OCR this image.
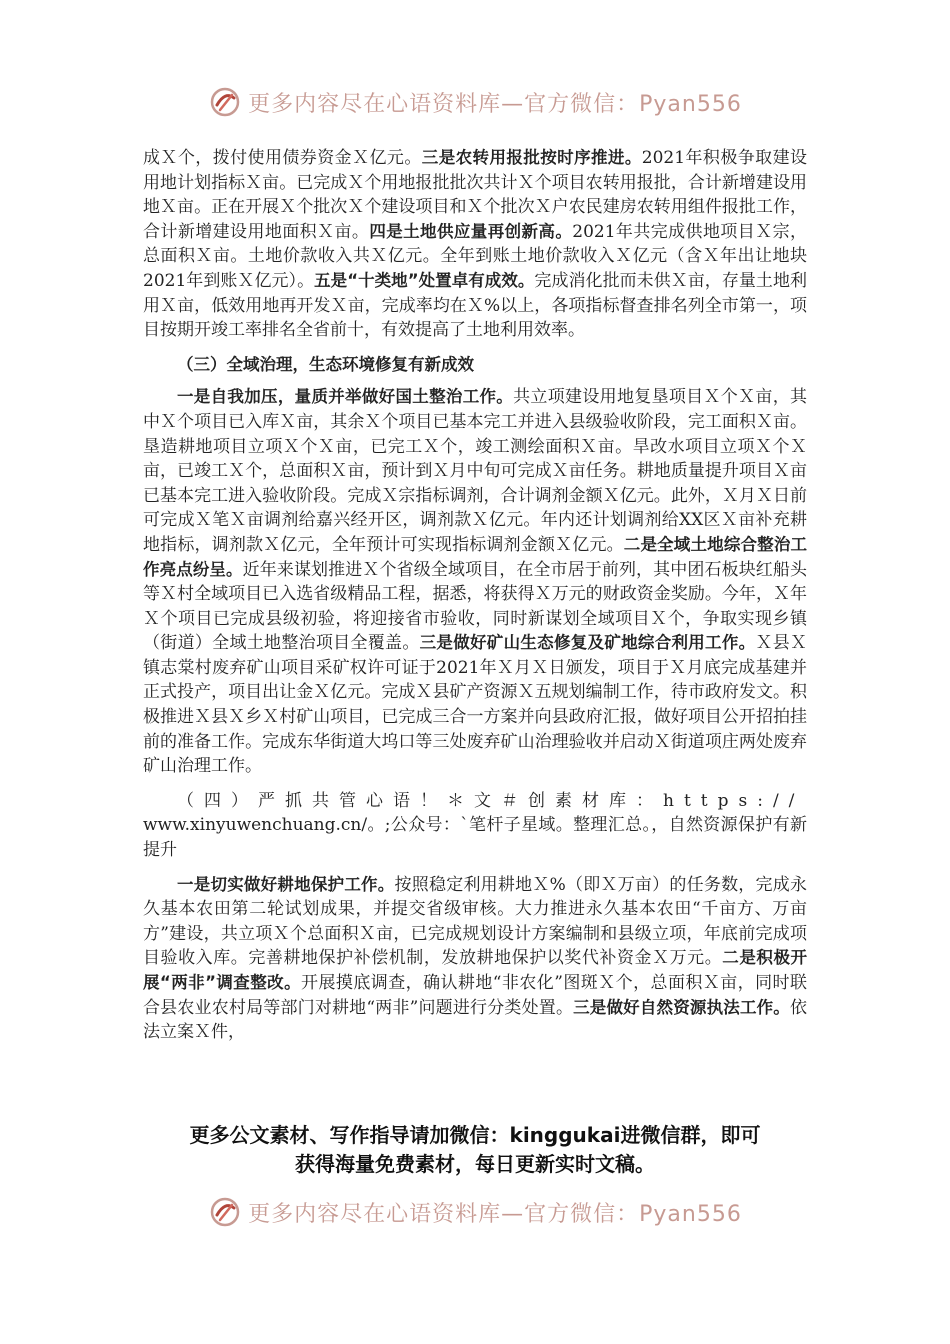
更多内容尽在心语资料库—官方微信：Pyan556

成Ｘ个，拨付使用债券资金Ｘ亿元。三是农转用报批按时序推进。2021年积极争取建设用地计划指标Ｘ亩。已完成Ｘ个用地报批批次共计Ｘ个项目农转用报批，合计新增建设用地Ｘ亩。正在开展Ｘ个批次Ｘ个建设项目和Ｘ个批次Ｘ户农民建房农转用组件报批工作，合计新增建设用地面积Ｘ亩。四是土地供应量再创新高。2021年共完成供地项目Ｘ宗，总面积Ｘ亩。土地价款收入共Ｘ亿元。全年到账土地价款收入Ｘ亿元（含Ｘ年出让地块2021年到账Ｘ亿元）。五是“十类地”处置卓有成效。完成消化批而未供Ｘ亩，存量土地利用Ｘ亩，低效用地再开发Ｘ亩，完成率均在Ｘ%以上，各项指标督查排名列全市第一，项目按期开竣工率排名全省前十，有效提高了土地利用效率。

（三）全域治理，生态环境修复有新成效

一是自我加压，量质并举做好国土整治工作。共立项建设用地复垦项目Ｘ个Ｘ亩，其中Ｘ个项目已入库Ｘ亩，其余Ｘ个项目已基本完工并进入县级验收阶段，完工面积Ｘ亩。垦造耕地项目立项Ｘ个Ｘ亩，已完工Ｘ个，竣工测绘面积Ｘ亩。旱改水项目立项Ｘ个Ｘ亩，已竣工Ｘ个，总面积Ｘ亩，预计到Ｘ月中旬可完成Ｘ亩任务。耕地质量提升项目Ｘ亩已基本完工进入验收阶段。完成Ｘ宗指标调剂，合计调剂金额Ｘ亿元。此外，Ｘ月Ｘ日前可完成Ｘ笔Ｘ亩调剂给嘉兴经开区，调剂款Ｘ亿元。年内还计划调剂给XX区Ｘ亩补充耕地指标，调剂款Ｘ亿元，全年预计可实现指标调剂金额Ｘ亿元。二是全域土地综合整治工作亮点纷呈。近年来谋划推进Ｘ个省级全域项目，在全市居于前列，其中团石板块红船头等Ｘ村全域项目已入选省级精品工程，据悉，将获得Ｘ万元的财政资金奖励。今年，Ｘ年Ｘ个项目已完成县级初验，将迎接省市验收，同时新谋划全域项目Ｘ个，争取实现乡镇（街道）全域土地整治项目全覆盖。三是做好矿山生态修复及矿地综合利用工作。Ｘ县Ｘ镇志棠村废弃矿山项目采矿权许可证于2021年Ｘ月Ｘ日颁发，项目于Ｘ月底完成基建并正式投产，项目出让金Ｘ亿元。完成Ｘ县矿产资源Ｘ五规划编制工作，待市政府发文。积极推进Ｘ县Ｘ乡Ｘ村矿山项目，已完成三合一方案并向县政府汇报，做好项目公开招拍挂前的准备工作。完成东华街道大坞口等三处废弃矿山治理验收并启动Ｘ街道项庄两处废弃矿山治理工作。

（四）严抓共管心语！＊文＃创素材库：https://

www.xinyuwenchuang.cn/。;公众号：`笔杆子星域。整理汇总。，自然资源保护有新提升

一是切实做好耕地保护工作。按照稳定利用耕地Ｘ%（即Ｘ万亩）的任务数，完成永久基本农田第二轮试划成果，并提交省级审核。大力推进永久基本农田“千亩方、万亩方”建设，共立项Ｘ个总面积Ｘ亩，已完成规划设计方案编制和县级立项，年底前完成项目验收入库。完善耕地保护补偿机制，发放耕地保护以奖代补资金Ｘ万元。二是积极开展“两非”调查整改。开展摸底调查，确认耕地“非农化”图斑Ｘ个，总面积Ｘ亩，同时联合县农业农村局等部门对耕地“两非”问题进行分类处置。三是做好自然资源执法工作。依法立案Ｘ件，

更多公文素材、写作指导请加微信：kinggukai进微信群，即可
获得海量免费素材，每日更新实时文稿。
更多内容尽在心语资料库—官方微信：Pyan556
